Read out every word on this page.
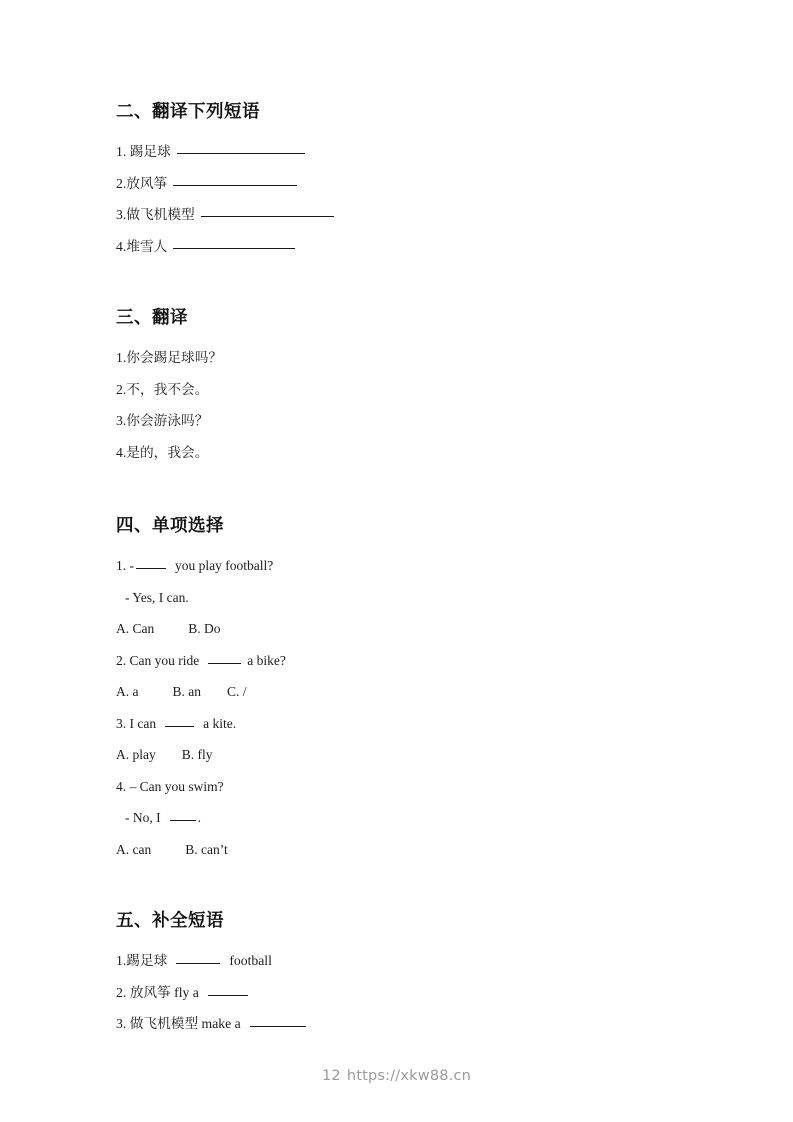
二、翻译下列短语
1. 踢足球
2.放风筝
3.做飞机模型
4.堆雪人
三、翻译
1.你会踢足球吗？
2.不，我不会。
3.你会游泳吗？
4.是的，我会。
四、单项选择
1. -	you play football?
- Yes, I can.
A. Can	B. Do
2. Can you ride	a bike?
A. a	B. an C. /
3. I can	a kite.
A. play B. fly
4. – Can you swim?
- No, I	.
A. can	B. can’t
五、补全短语
1.踢足球	football
2. 放风筝 fly a
3. 做飞机模型 make a
12 https://xkw88.cn
